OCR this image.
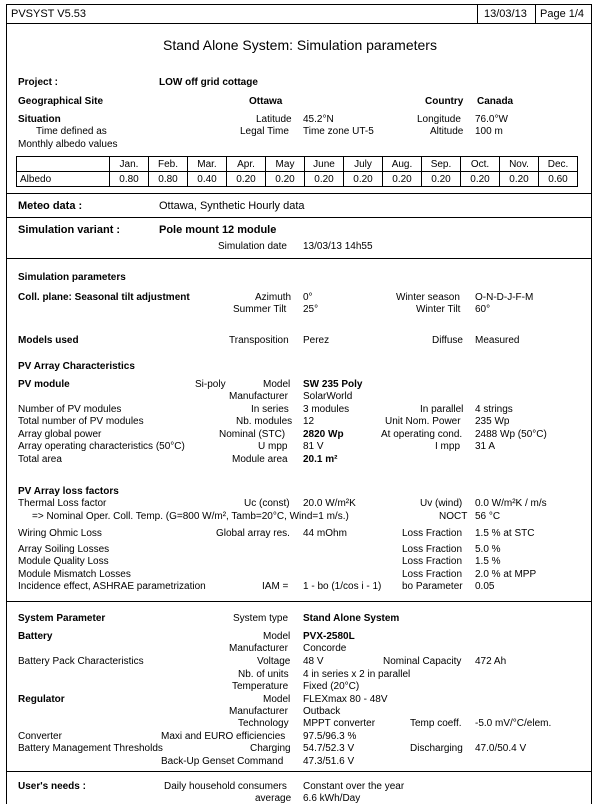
PVSYST V5.53	13/03/13	Page 1/4
Stand Alone System: Simulation parameters
Project :	LOW off grid cottage
Geographical Site	Ottawa	Country Canada
Situation	Latitude 45.2°N	Longitude 76.0°W
Time defined as	Legal Time Time zone UT-5	Altitude 100 m
Monthly albedo values
	Jan.	Feb.	Mar.	Apr.	May	June	July	Aug.	Sep.	Oct.	Nov.	Dec.
Albedo	0.80	0.80	0.40	0.20	0.20	0.20	0.20	0.20	0.20	0.20	0.20	0.60
Meteo data :	Ottawa, Synthetic Hourly data
Simulation variant :	Pole mount 12 module
Simulation date 13/03/13 14h55
Simulation parameters
Coll. plane: Seasonal tilt adjustment	Azimuth 0°	Winter season O-N-D-J-F-M
Summer Tilt 25°	Winter Tilt 60°
Models used	Transposition Perez	Diffuse Measured
PV Array Characteristics
PV module	Si-poly	Model SW 235 Poly
Manufacturer SolarWorld
Number of PV modules	In series 3 modules	In parallel 4 strings
Total number of PV modules	Nb. modules 12	Unit Nom. Power 235 Wp
Array global power	Nominal (STC) 2820 Wp	At operating cond. 2488 Wp (50°C)
Array operating characteristics (50°C)	U mpp 81 V	I mpp 31 A
Total area	Module area 20.1 m²
PV Array loss factors
Thermal Loss factor	Uc (const) 20.0 W/m²K	Uv (wind) 0.0 W/m²K / m/s
=> Nominal Oper. Coll. Temp. (G=800 W/m², Tamb=20°C, Wind=1 m/s.)	NOCT 56 °C
Wiring Ohmic Loss	Global array res. 44 mOhm	Loss Fraction 1.5 % at STC
Array Soiling Losses	Loss Fraction 5.0 %
Module Quality Loss	Loss Fraction 1.5 %
Module Mismatch Losses	Loss Fraction 2.0 % at MPP
Incidence effect, ASHRAE parametrization	IAM = 1 - bo (1/cos i - 1) bo Parameter 0.05
System Parameter	System type Stand Alone System
Battery	Model PVX-2580L
Manufacturer Concorde
Battery Pack Characteristics	Voltage 48 V	Nominal Capacity 472 Ah
Nb. of units 4 in series x 2 in parallel
Temperature Fixed (20°C)
Regulator	Model FLEXmax 80 - 48V
Manufacturer Outback
Technology MPPT converter	Temp coeff. -5.0 mV/°C/elem.
Converter	Maxi and EURO efficiencies 97.5/96.3 %
Battery Management Thresholds	Charging 54.7/52.3 V	Discharging 47.0/50.4 V
Back-Up Genset Command 47.3/51.6 V
User's needs :	Daily household consumers Constant over the year
average 6.6 kWh/Day
